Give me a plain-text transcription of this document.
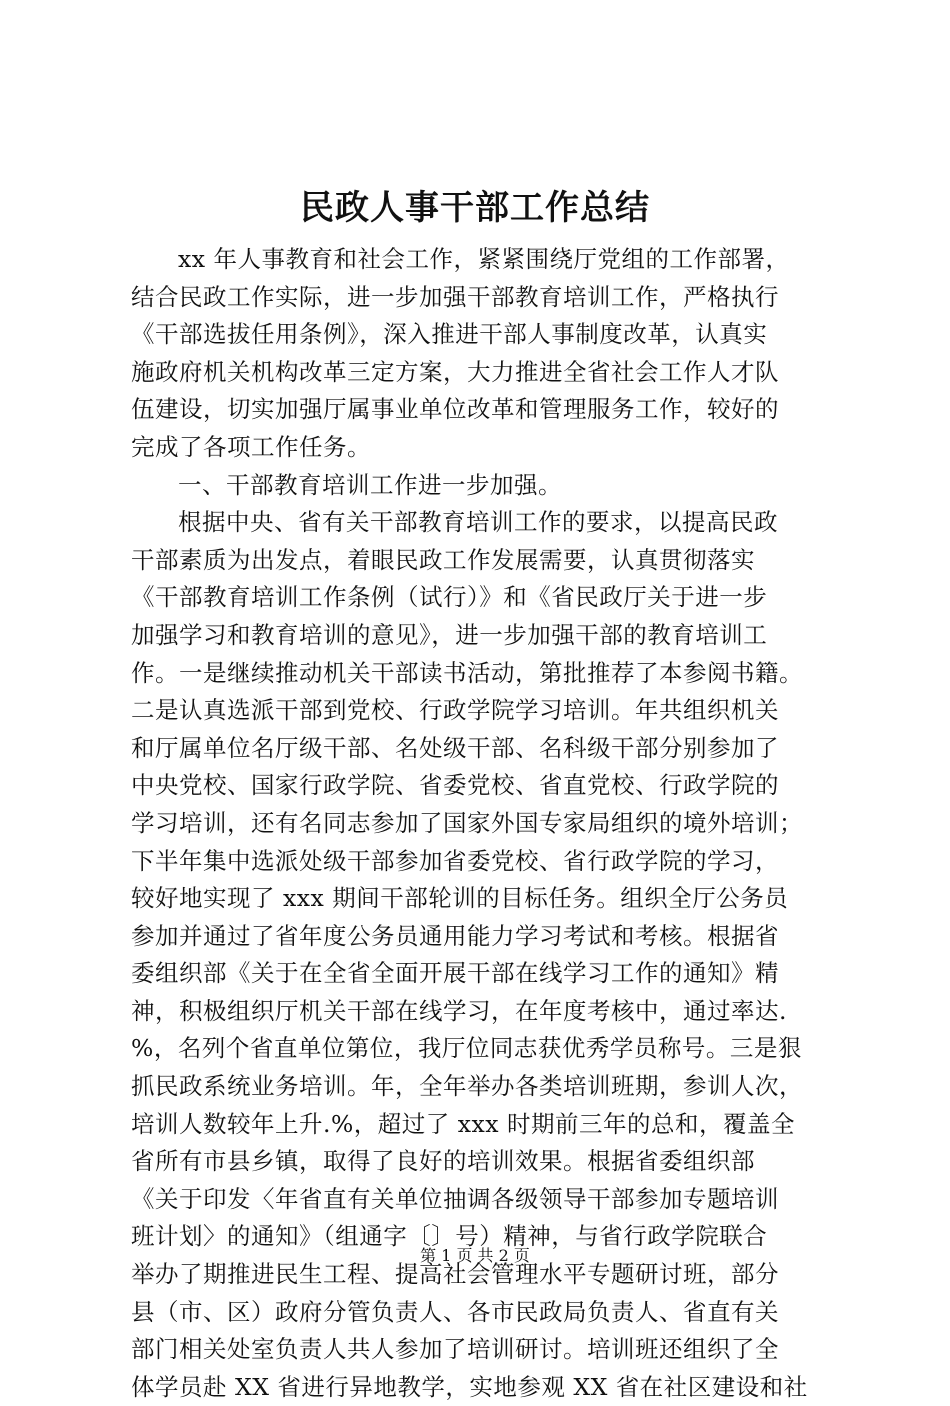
民政人事干部工作总结
xx 年人事教育和社会工作，紧紧围绕厅党组的工作部署，
结合民政工作实际，进一步加强干部教育培训工作，严格执行
《干部选拔任用条例》，深入推进干部人事制度改革，认真实
施政府机关机构改革三定方案，大力推进全省社会工作人才队
伍建设，切实加强厅属事业单位改革和管理服务工作，较好的
完成了各项工作任务。
一、干部教育培训工作进一步加强。
根据中央、省有关干部教育培训工作的要求，以提高民政
干部素质为出发点，着眼民政工作发展需要，认真贯彻落实
《干部教育培训工作条例（试行）》和《省民政厅关于进一步
加强学习和教育培训的意见》，进一步加强干部的教育培训工
作。一是继续推动机关干部读书活动，第批推荐了本参阅书籍。
二是认真选派干部到党校、行政学院学习培训。年共组织机关
和厅属单位名厅级干部、名处级干部、名科级干部分别参加了
中央党校、国家行政学院、省委党校、省直党校、行政学院的
学习培训，还有名同志参加了国家外国专家局组织的境外培训；
下半年集中选派处级干部参加省委党校、省行政学院的学习，
较好地实现了 xxx 期间干部轮训的目标任务。组织全厅公务员
参加并通过了省年度公务员通用能力学习考试和考核。根据省
委组织部《关于在全省全面开展干部在线学习工作的通知》精
神，积极组织厅机关干部在线学习，在年度考核中，通过率达.
%，名列个省直单位第位，我厅位同志获优秀学员称号。三是狠
抓民政系统业务培训。年，全年举办各类培训班期，参训人次，
培训人数较年上升.%，超过了 xxx 时期前三年的总和，覆盖全
省所有市县乡镇，取得了良好的培训效果。根据省委组织部
《关于印发〈年省直有关单位抽调各级领导干部参加专题培训
班计划〉的通知》（组通字〔〕号）精神，与省行政学院联合
举办了期推进民生工程、提高社会管理水平专题研讨班，部分
县（市、区）政府分管负责人、各市民政局负责人、省直有关
部门相关处室负责人共人参加了培训研讨。培训班还组织了全
体学员赴 XX 省进行异地教学，实地参观 XX 省在社区建设和社
第 1 页 共 2 页
